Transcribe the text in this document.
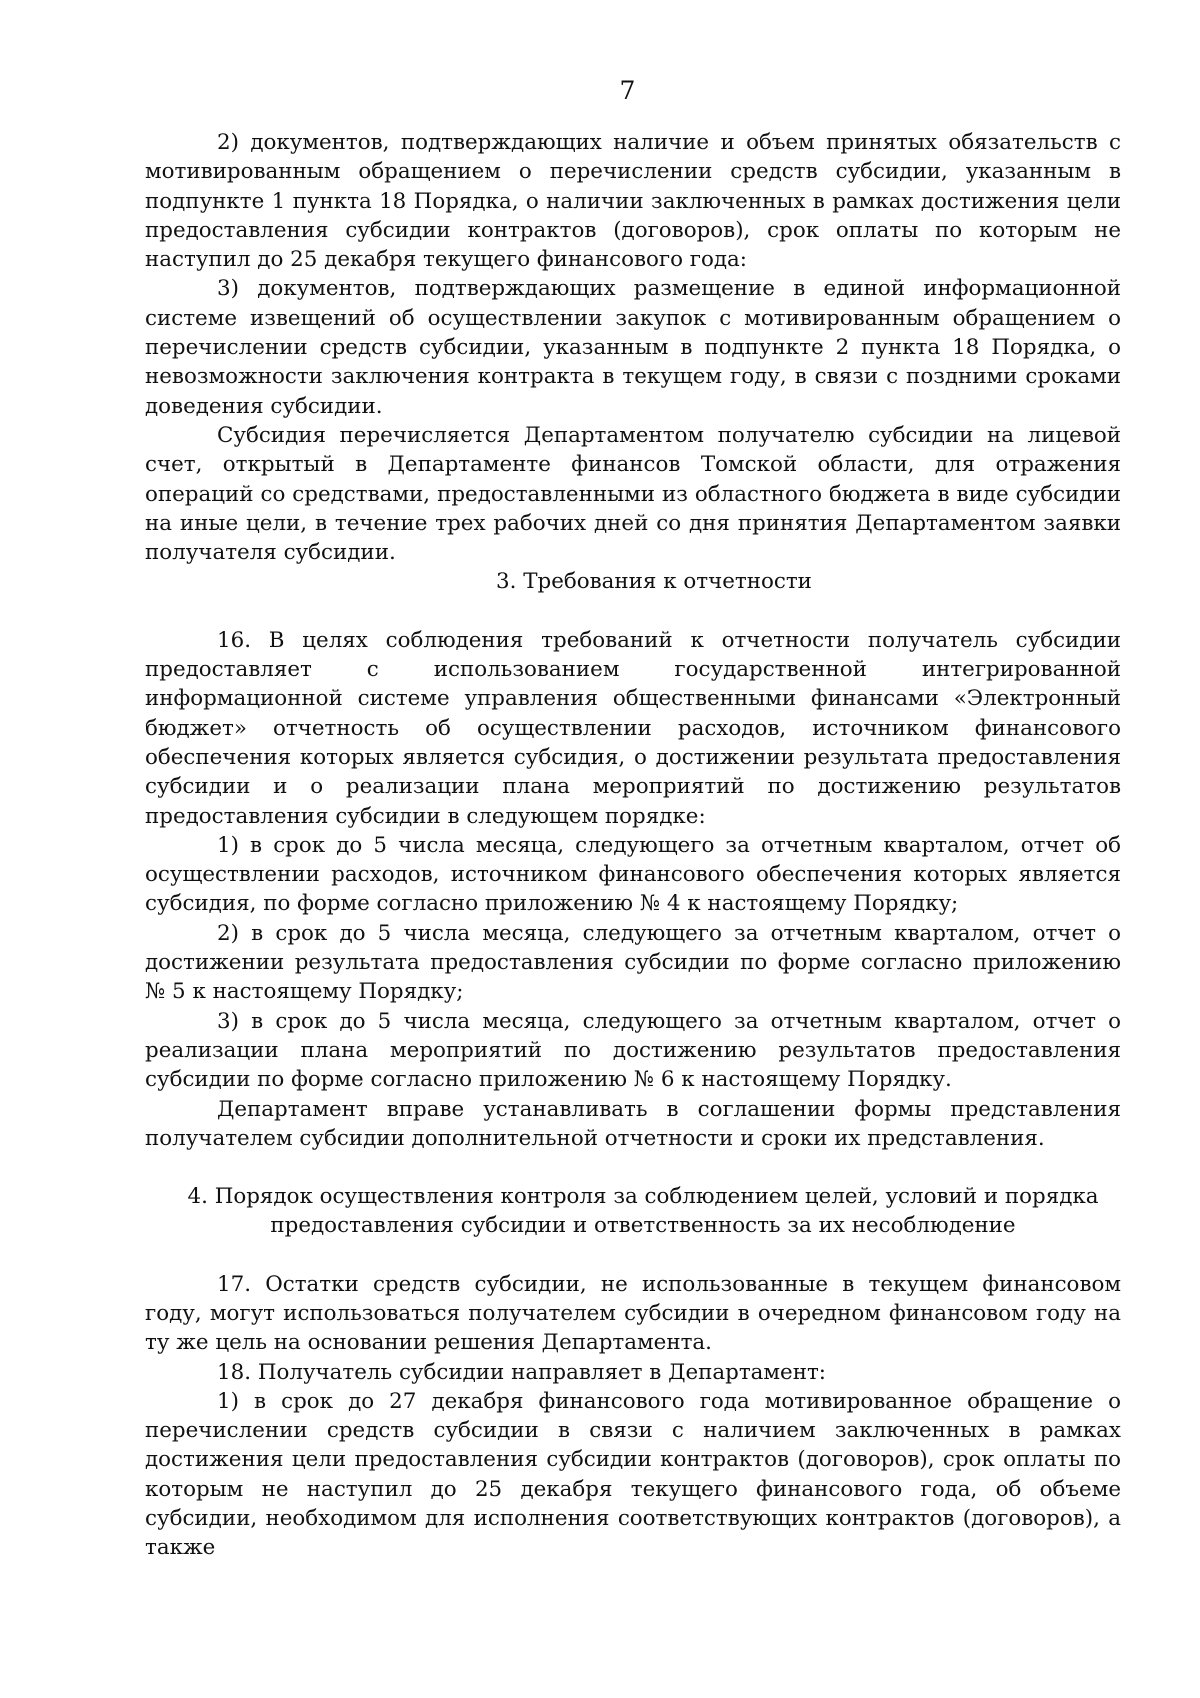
7

2) документов, подтверждающих наличие и объем принятых обязательств с мотивированным обращением о перечислении средств субсидии, указанным в подпункте 1 пункта 18 Порядка, о наличии заключенных в рамках достижения цели предоставления субсидии контрактов (договоров), срок оплаты по которым не наступил до 25 декабря текущего финансового года:

3) документов, подтверждающих размещение в единой информационной системе извещений об осуществлении закупок с мотивированным обращением о перечислении средств субсидии, указанным в подпункте 2 пункта 18 Порядка, о невозможности заключения контракта в текущем году, в связи с поздними сроками доведения субсидии.

Субсидия перечисляется Департаментом получателю субсидии на лицевой счет, открытый в Департаменте финансов Томской области, для отражения операций со средствами, предоставленными из областного бюджета в виде субсидии на иные цели, в течение трех рабочих дней со дня принятия Департаментом заявки получателя субсидии.

3. Требования к отчетности

16. В целях соблюдения требований к отчетности получатель субсидии предоставляет с использованием государственной интегрированной информационной системе управления общественными финансами «Электронный бюджет» отчетность об осуществлении расходов, источником финансового обеспечения которых является субсидия, о достижении результата предоставления субсидии и о реализации плана мероприятий по достижению результатов предоставления субсидии в следующем порядке:

1) в срок до 5 числа месяца, следующего за отчетным кварталом, отчет об осуществлении расходов, источником финансового обеспечения которых является субсидия, по форме согласно приложению № 4 к настоящему Порядку;

2) в срок до 5 числа месяца, следующего за отчетным кварталом, отчет о достижении результата предоставления субсидии по форме согласно приложению № 5 к настоящему Порядку;

3) в срок до 5 числа месяца, следующего за отчетным кварталом, отчет о реализации плана мероприятий по достижению результатов предоставления субсидии по форме согласно приложению № 6 к настоящему Порядку.

Департамент вправе устанавливать в соглашении формы представления получателем субсидии дополнительной отчетности и сроки их представления.

4. Порядок осуществления контроля за соблюдением целей, условий и порядка
предоставления субсидии и ответственность за их несоблюдение

17. Остатки средств субсидии, не использованные в текущем финансовом году, могут использоваться получателем субсидии в очередном финансовом году на ту же цель на основании решения Департамента.

18. Получатель субсидии направляет в Департамент:

1) в срок до 27 декабря финансового года мотивированное обращение о перечислении средств субсидии в связи с наличием заключенных в рамках достижения цели предоставления субсидии контрактов (договоров), срок оплаты по которым не наступил до 25 декабря текущего финансового года, об объеме субсидии, необходимом для исполнения соответствующих контрактов (договоров), а также
